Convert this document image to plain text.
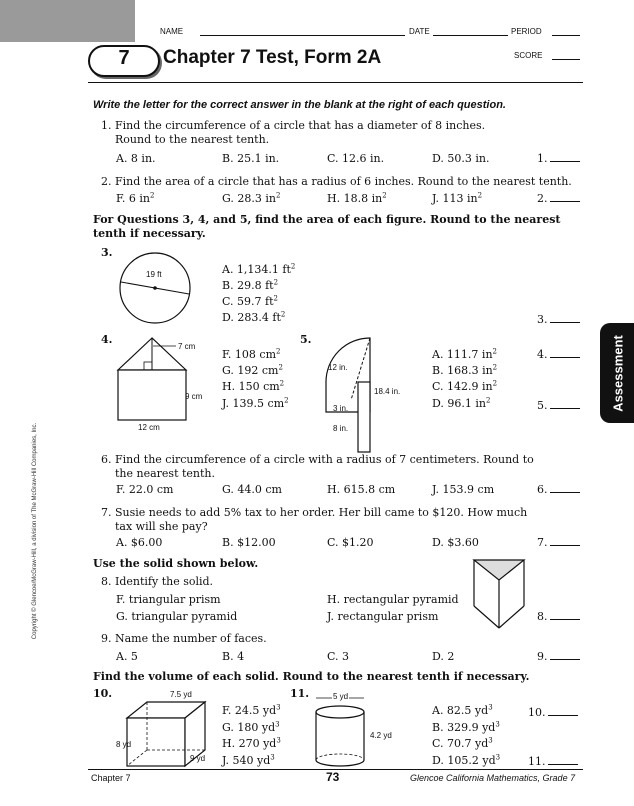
NAME	DATE	PERIOD
SCORE
7	Chapter 7 Test, Form 2A
Write the letter for the correct answer in the blank at the right of each question.
1. Find the circumference of a circle that has a diameter of 8 inches.
Round to the nearest tenth.
A. 8 in.	B. 25.1 in.	C. 12.6 in.	D. 50.3 in.	1.
2. Find the area of a circle that has a radius of 6 inches. Round to the nearest tenth.
F. 6 $in^2$	G. 28.3 $in^2$	H. 18.8 $in^2$	J. 113 $in^2$	2.
For Questions 3, 4, and 5, find the area of each figure. Round to the nearest
tenth if necessary.
3.
19 ft	A. 1,134.1 $ft^2$
B. 29.8 $ft^2$
C. 59.7 $ft^2$
D. 283.4 $ft^2$	3.
4.
7 cm
9 cm
12 cm
F. 108 $cm^2$
G. 192 $cm^2$
H. 150 $cm^2$
J. 139.5 $cm^2$
4.
5.
12 in.
18.4 in.
3 in.
8 in.
A. 111.7 $in^2$
B. 168.3 $in^2$
C. 142.9 $in^2$
D. 96.1 $in^2$	5.	Assessment
Copyright © Glencoe/McGraw-Hill, a division of The McGraw-Hill Companies, Inc.	6. Find the circumference of a circle with a radius of 7 centimeters. Round to
the nearest tenth.
F. 22.0 cm	G. 44.0 cm	H. 615.8 cm	J. 153.9 cm	6.
7. Susie needs to add 5% tax to her order. Her bill came to $120. How much
tax will she pay?
A. $6.00	B. $12.00	C. $1.20	D. $3.60	7.
Use the solid shown below.
8. Identify the solid.
F. triangular prism	H. rectangular pyramid
G. triangular pyramid	J. rectangular prism	8.
9. Name the number of faces.
A. 5	B. 4	C. 3	D. 2	9.
Find the volume of each solid. Round to the nearest tenth if necessary.
10.	7.5 yd
8 yd
9 yd
F. 24.5 $yd^3$
G. 180 $yd^3$
H. 270 $yd^3$
J. 540 $yd^3$
11.	5 yd
4.2 yd
A. 82.5 $yd^3$
B. 329.9 $yd^3$
C. 70.7 $yd^3$
D. 105.2 $yd^3$
10.
11.
Chapter 7	73	Glencoe California Mathematics, Grade 7
